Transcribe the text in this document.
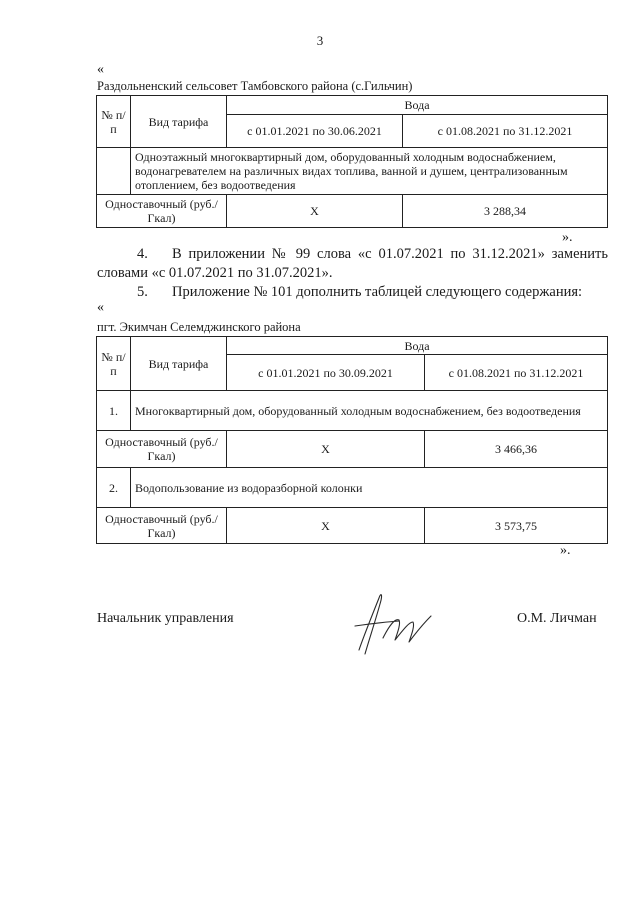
3
«
Раздольненский сельсовет Тамбовского района (с.Гильчин)
№ п/п	Вид тарифа	Вода	
		с 01.01.2021 по 30.06.2021	с 01.08.2021 по 31.12.2021
	Одноэтажный многоквартирный дом, оборудованный холодным водоснабжением, водонагревателем на различных видах топлива, ванной и душем, централизованным отоплением, без водоотведения		
Одноставочный (руб./Гкал)		Х	3 288,34
».
4. В приложении № 99 слова «с 01.07.2021 по 31.12.2021» заменить
словами «с 01.07.2021 по 31.07.2021».
5. Приложение № 101 дополнить таблицей следующего содержания:
«
пгт. Экимчан Селемджинского района
№ п/п	Вид тарифа	Вода	
		с 01.01.2021 по 30.09.2021	с 01.08.2021 по 31.12.2021
1.	Многоквартирный дом, оборудованный холодным водоснабжением, без водоотведения		
Одноставочный (руб./Гкал)		Х	3 466,36
2.	Водопользование из водоразборной колонки		
Одноставочный (руб./Гкал)		Х	3 573,75
».
Начальник управления	О.М. Личман
